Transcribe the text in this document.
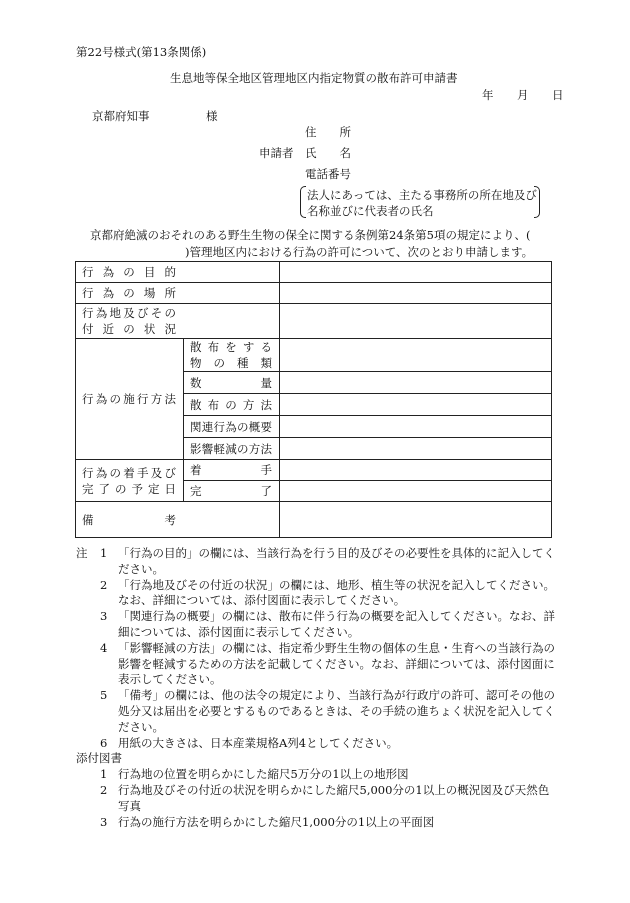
第22号様式(第13条関係)
生息地等保全地区管理地区内指定物質の散布許可申請書
年　月　日
京都府知事	様
住　　所
申請者 氏　　名
電話番号
法人にあっては、主たる事務所の所在地及び
名称並びに代表者の氏名
京都府絶滅のおそれのある野生生物の保全に関する条例第24条第5項の規定により、(
)管理地区内における行為の許可について、次のとおり申請します。
行為の目的		
行為の場所		
行為地及びその
付近の状況		
行為の施行方法	散布をする
物の種類	
	数　　量	
	散布の方法	
	関連行為の概要	
	影響軽減の方法	
行為の着手及び
完了の予定日	着　　　手	
	完　　　了	

備 考		

注	1 「行為の目的」の欄には、当該行為を行う目的及びその必要性を具体的に記入してください。
2 「行為地及びその付近の状況」の欄には、地形、植生等の状況を記入してください。なお、詳細については、添付図面に表示してください。
3 「関連行為の概要」の欄には、散布に伴う行為の概要を記入してください。なお、詳細については、添付図面に表示してください。
4 「影響軽減の方法」の欄には、指定希少野生生物の個体の生息・生育への当該行為の影響を軽減するための方法を記載してください。なお、詳細については、添付図面に表示してください。
5 「備考」の欄には、他の法令の規定により、当該行為が行政庁の許可、認可その他の処分又は届出を必要とするものであるときは、その手続の進ちょく状況を記入してください。
6 用紙の大きさは、日本産業規格A列4としてください。
添付図書
1 行為地の位置を明らかにした縮尺5万分の1以上の地形図
2 行為地及びその付近の状況を明らかにした縮尺5,000分の1以上の概況図及び天然色写真
3 行為の施行方法を明らかにした縮尺1,000分の1以上の平面図
